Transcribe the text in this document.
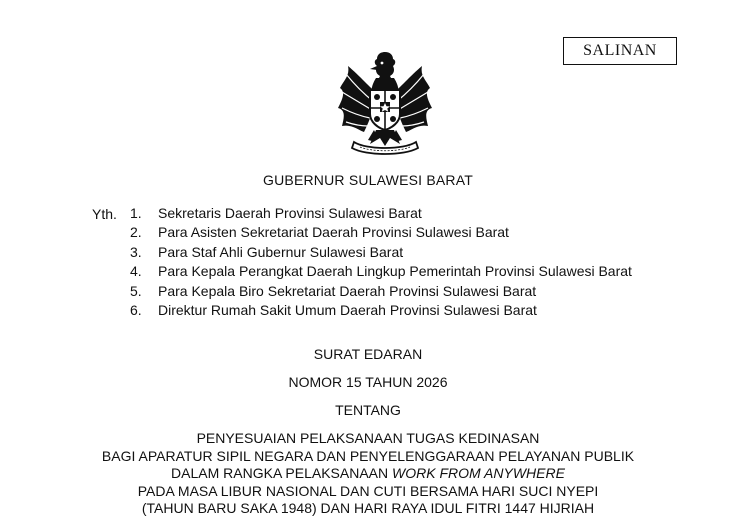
SALINAN
GUBERNUR SULAWESI BARAT
Yth. 1. Sekretaris Daerah Provinsi Sulawesi Barat
2. Para Asisten Sekretariat Daerah Provinsi Sulawesi Barat
3. Para Staf Ahli Gubernur Sulawesi Barat
4. Para Kepala Perangkat Daerah Lingkup Pemerintah Provinsi Sulawesi Barat
5. Para Kepala Biro Sekretariat Daerah Provinsi Sulawesi Barat
6. Direktur Rumah Sakit Umum Daerah Provinsi Sulawesi Barat
SURAT EDARAN
NOMOR 15 TAHUN 2026
TENTANG
PENYESUAIAN PELAKSANAAN TUGAS KEDINASAN
BAGI APARATUR SIPIL NEGARA DAN PENYELENGGARAAN PELAYANAN PUBLIK
DALAM RANGKA PELAKSANAAN WORK FROM ANYWHERE
PADA MASA LIBUR NASIONAL DAN CUTI BERSAMA HARI SUCI NYEPI
(TAHUN BARU SAKA 1948) DAN HARI RAYA IDUL FITRI 1447 HIJRIAH
